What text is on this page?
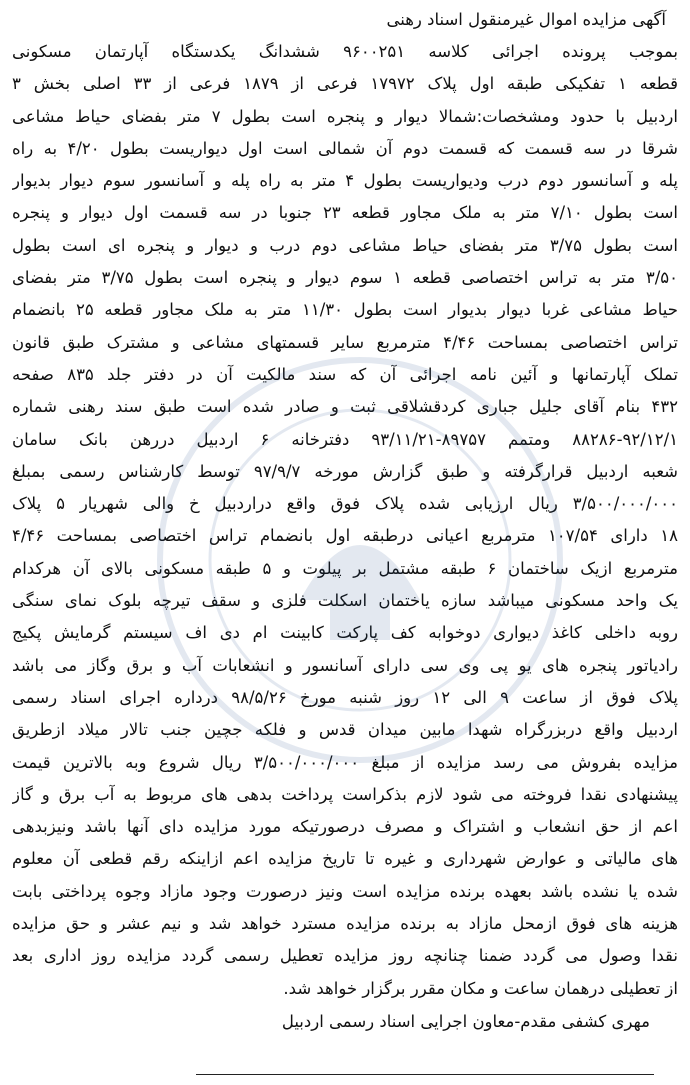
آگهی مزایده اموال غیرمنقول اسناد رهنی
بموجب پرونده اجرائی کلاسه ۹۶۰۰۲۵۱ ششدانگ یکدستگاه آپارتمان مسکونی
قطعه ۱ تفکیکی طبقه اول پلاک ۱۷۹۷۲ فرعی از ۱۸۷۹ فرعی از ۳۳ اصلی بخش ۳
اردبیل با حدود ومشخصات:شمالا دیوار و پنجره است بطول ۷ متر بفضای حیاط مشاعی
شرقا در سه قسمت که قسمت دوم آن شمالی است اول دیواریست بطول ۴/۲۰ به راه
پله و آسانسور دوم درب ودیواریست بطول ۴ متر به راه پله و آسانسور سوم دیوار بدیوار
است بطول ۷/۱۰ متر به ملک مجاور قطعه ۲۳ جنوبا در سه قسمت اول دیوار و پنجره
است بطول ۳/۷۵ متر بفضای حیاط مشاعی دوم درب و دیوار و پنجره ای است بطول
۳/۵۰ متر به تراس اختصاصی قطعه ۱ سوم دیوار و پنجره است بطول ۳/۷۵ متر بفضای
حیاط مشاعی غربا دیوار بدیوار است بطول ۱۱/۳۰ متر به ملک مجاور قطعه ۲۵ بانضمام
تراس اختصاصی بمساحت ۴/۴۶ مترمربع سایر قسمتهای مشاعی و مشترک طبق قانون
تملک آپارتمانها و آئین نامه اجرائی آن که سند مالکیت آن در دفتر جلد ۸۳۵ صفحه
۴۳۲ بنام آقای جلیل جباری کردقشلاقی ثبت و صادر شده است طبق سند رهنی شماره
۸۸۲۸۶-۹۲/۱۲/۱ ومتمم ۸۹۷۵۷-۹۳/۱۱/۲۱ دفترخانه ۶ اردبیل دررهن بانک سامان
شعبه اردبیل قرارگرفته و طبق گزارش مورخه ۹۷/۹/۷ توسط کارشناس رسمی بمبلغ
۳/۵۰۰/۰۰۰/۰۰۰ ریال ارزیابی شده پلاک فوق واقع دراردبیل خ والی شهریار ۵ پلاک
۱۸ دارای ۱۰۷/۵۴ مترمربع اعیانی درطبقه اول بانضمام تراس اختصاصی بمساحت ۴/۴۶
مترمربع ازیک ساختمان ۶ طبقه مشتمل بر پیلوت و ۵ طبقه مسکونی بالای آن هرکدام
یک واحد مسکونی میباشد سازه یاختمان اسکلت فلزی و سقف تیرچه بلوک نمای سنگی
روبه داخلی کاغذ دیواری دوخوابه کف پارکت کابینت ام دی اف سیستم گرمایش پکیج
رادیاتور پنجره های یو پی وی سی دارای آسانسور و انشعابات آب و برق وگاز می باشد
پلاک فوق از ساعت ۹ الی ۱۲ روز شنبه مورخ ۹۸/۵/۲۶ درداره اجرای اسناد رسمی
اردبیل واقع دربزرگراه شهدا مابین میدان قدس و فلکه جچین جنب تالار میلاد ازطریق
مزایده بفروش می رسد مزایده از مبلغ ۳/۵۰۰/۰۰۰/۰۰۰ ریال شروع وبه بالاترین قیمت
پیشنهادی نقدا فروخته می شود لازم بذکراست پرداخت بدهی های مربوط به آب برق و گاز
اعم از حق انشعاب و اشتراک و مصرف درصورتیکه مورد مزایده دای آنها باشد ونیزبدهی
های مالیاتی و عوارض شهرداری و غیره تا تاریخ مزایده اعم ازاینکه رقم قطعی آن معلوم
شده یا نشده باشد بعهده برنده مزایده است ونیز درصورت وجود مازاد وجوه پرداختی بابت
هزینه های فوق ازمحل مازاد به برنده مزایده مسترد خواهد شد و نیم عشر و حق مزایده
نقدا وصول می گردد ضمنا چنانچه روز مزایده تعطیل رسمی گردد مزایده روز اداری بعد
از تعطیلی درهمان ساعت و مکان مقرر برگزار خواهد شد.
مهری کشفی مقدم-معاون اجرایی اسناد رسمی اردبیل
